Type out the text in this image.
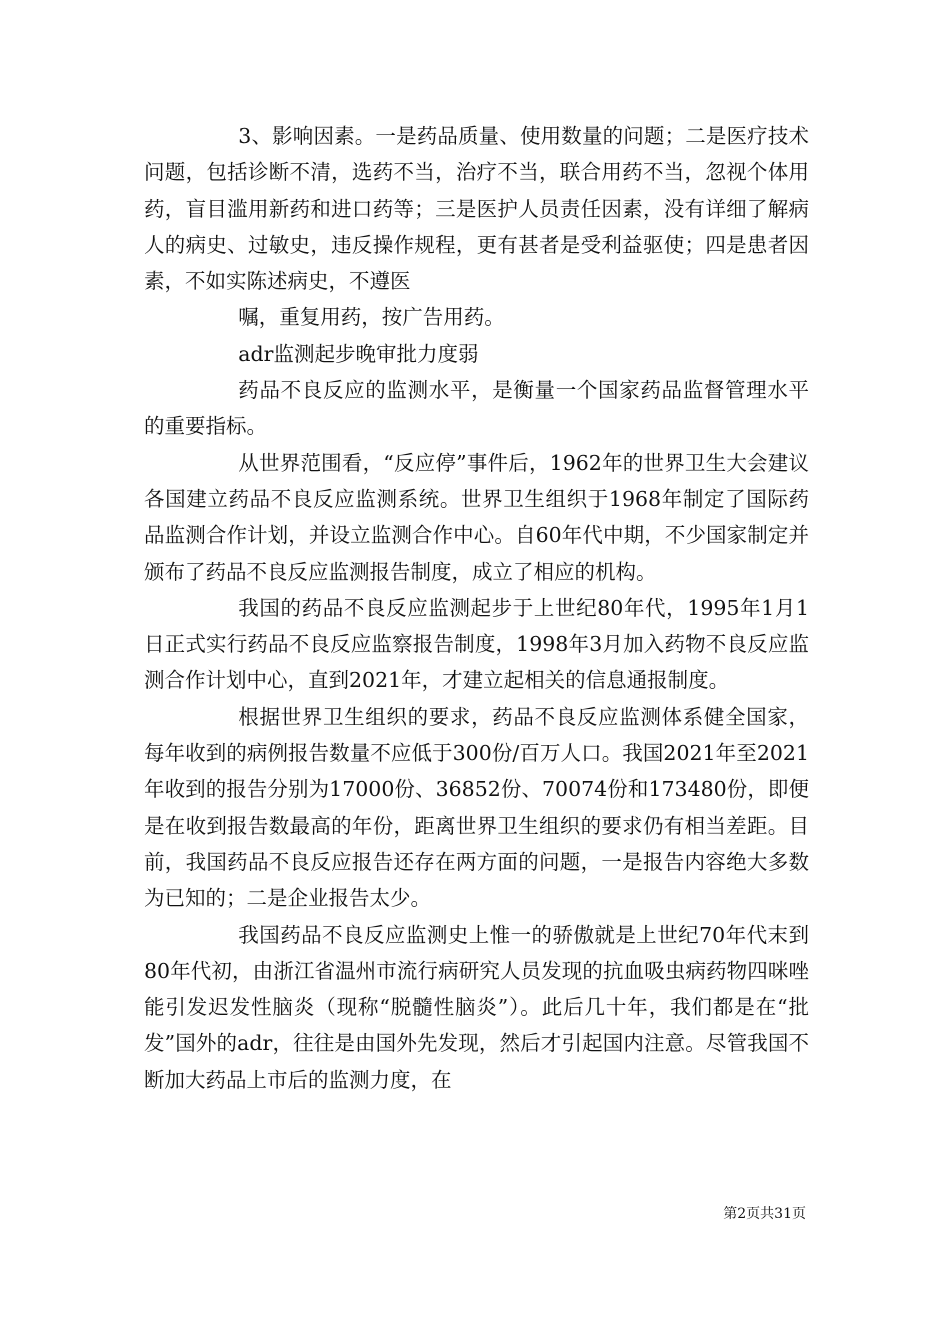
3、影响因素。一是药品质量、使用数量的问题；二是医疗技术问题，包括诊断不清，选药不当，治疗不当，联合用药不当，忽视个体用药，盲目滥用新药和进口药等；三是医护人员责任因素，没有详细了解病人的病史、过敏史，违反操作规程，更有甚者是受利益驱使；四是患者因素，不如实陈述病史，不遵医

嘱，重复用药，按广告用药。

adr监测起步晚审批力度弱

药品不良反应的监测水平，是衡量一个国家药品监督管理水平的重要指标。

从世界范围看，“反应停”事件后，1962年的世界卫生大会建议各国建立药品不良反应监测系统。世界卫生组织于1968年制定了国际药品监测合作计划，并设立监测合作中心。自60年代中期，不少国家制定并颁布了药品不良反应监测报告制度，成立了相应的机构。

我国的药品不良反应监测起步于上世纪80年代，1995年1月1日正式实行药品不良反应监察报告制度，1998年3月加入药物不良反应监测合作计划中心，直到2021年，才建立起相关的信息通报制度。

根据世界卫生组织的要求，药品不良反应监测体系健全国家，每年收到的病例报告数量不应低于300份/百万人口。我国2021年至2021年收到的报告分别为17000份、36852份、70074份和173480份，即便是在收到报告数最高的年份，距离世界卫生组织的要求仍有相当差距。目前，我国药品不良反应报告还存在两方面的问题，一是报告内容绝大多数为已知的；二是企业报告太少。

我国药品不良反应监测史上惟一的骄傲就是上世纪70年代末到80年代初，由浙江省温州市流行病研究人员发现的抗血吸虫病药物四咪唑能引发迟发性脑炎（现称“脱髓性脑炎”）。此后几十年，我们都是在“批发”国外的adr，往往是由国外先发现，然后才引起国内注意。尽管我国不断加大药品上市后的监测力度，在

第2页共31页
